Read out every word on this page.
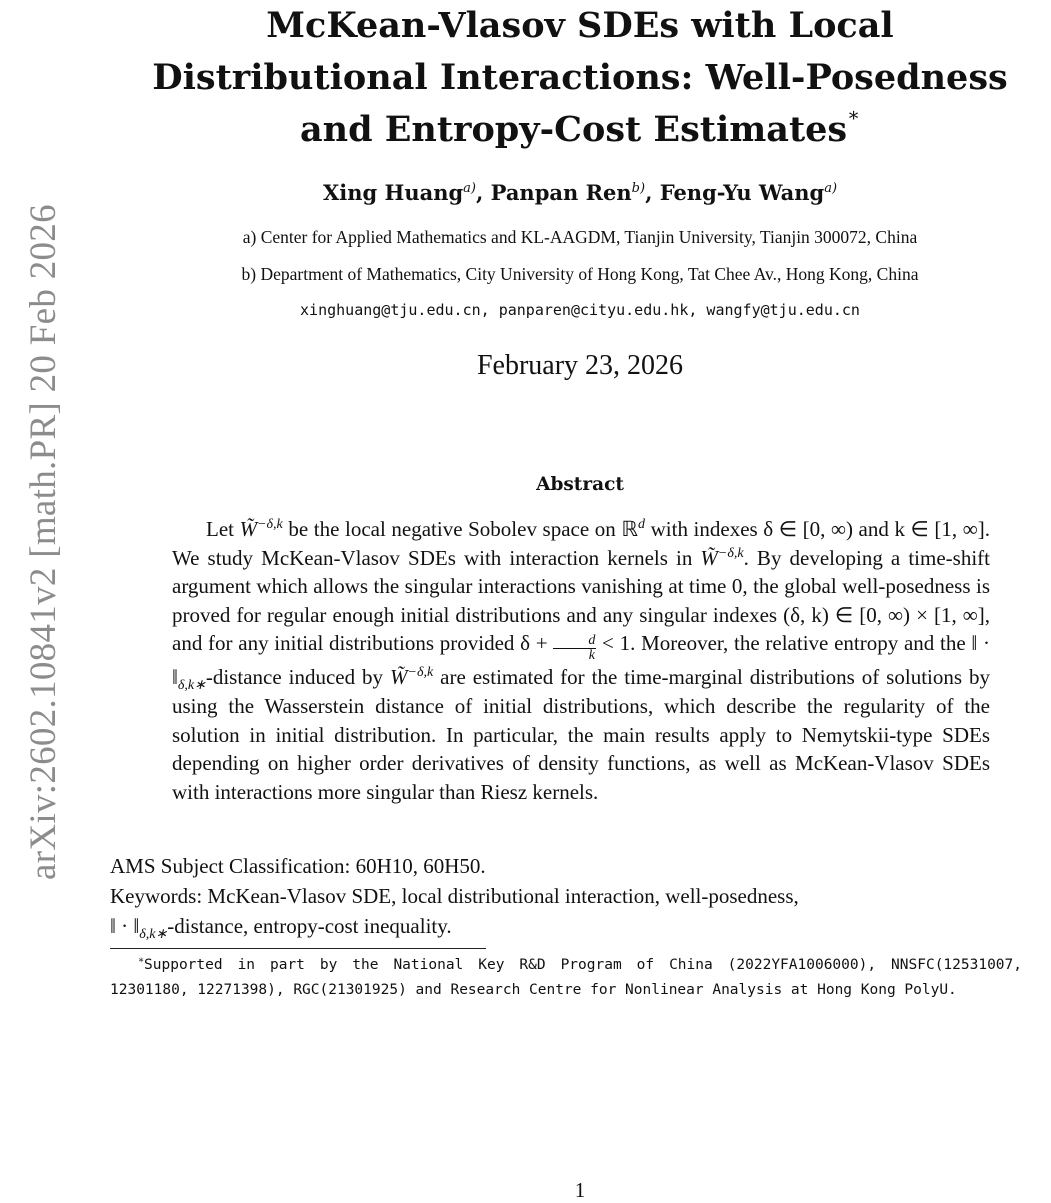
arXiv:2602.10841v2 [math.PR] 20 Feb 2026
McKean-Vlasov SDEs with Local
Distributional Interactions: Well-Posedness
and Entropy-Cost Estimates∗
Xing Huang$^{a)}$, Panpan Ren$^{b)}$, Feng-Yu Wang$^{a)}$
a) Center for Applied Mathematics and KL-AAGDM, Tianjin University, Tianjin 300072, China
b) Department of Mathematics, City University of Hong Kong, Tat Chee Av., Hong Kong, China
xinghuang@tju.edu.cn, panparen@cityu.edu.hk, wangfy@tju.edu.cn
February 23, 2026
Abstract

Let W̃$^{-\delta,k}$ be the local negative Sobolev space on ℝ$^d$ with indexes δ ∈ [0, ∞) and k ∈ [1, ∞]. We study McKean-Vlasov SDEs with interaction kernels in W̃$^{-\delta,k}$. By developing a time-shift argument which allows the singular interactions vanishing at time 0, the global well-posedness is proved for regular enough initial distributions and any singular indexes (δ, k) ∈ [0, ∞) × [1, ∞], and for any initial distributions provided $\delta + \frac{d}{k} < 1$. Moreover, the relative entropy and the ‖ · $‖_{\delta,k∗}$-distance induced by W̃$^{-\delta,k}$ are estimated for the time-marginal distributions of solutions by using the Wasserstein distance of initial distributions, which describe the regularity of the solution in initial distribution. In particular, the main results apply to Nemytskii-type SDEs depending on higher order derivatives of density functions, as well as McKean-Vlasov SDEs with interactions more singular than Riesz kernels.

AMS Subject Classification: 60H10, 60H50.
Keywords: McKean-Vlasov SDE, local distributional interaction, well-posedness,
‖ · $‖_{\delta,k∗}$-distance, entropy-cost inequality.

∗Supported in part by the National Key R&D Program of China (2022YFA1006000), NNSFC(12531007, 12301180, 12271398), RGC(21301925) and Research Centre for Nonlinear Analysis at Hong Kong PolyU.

1
